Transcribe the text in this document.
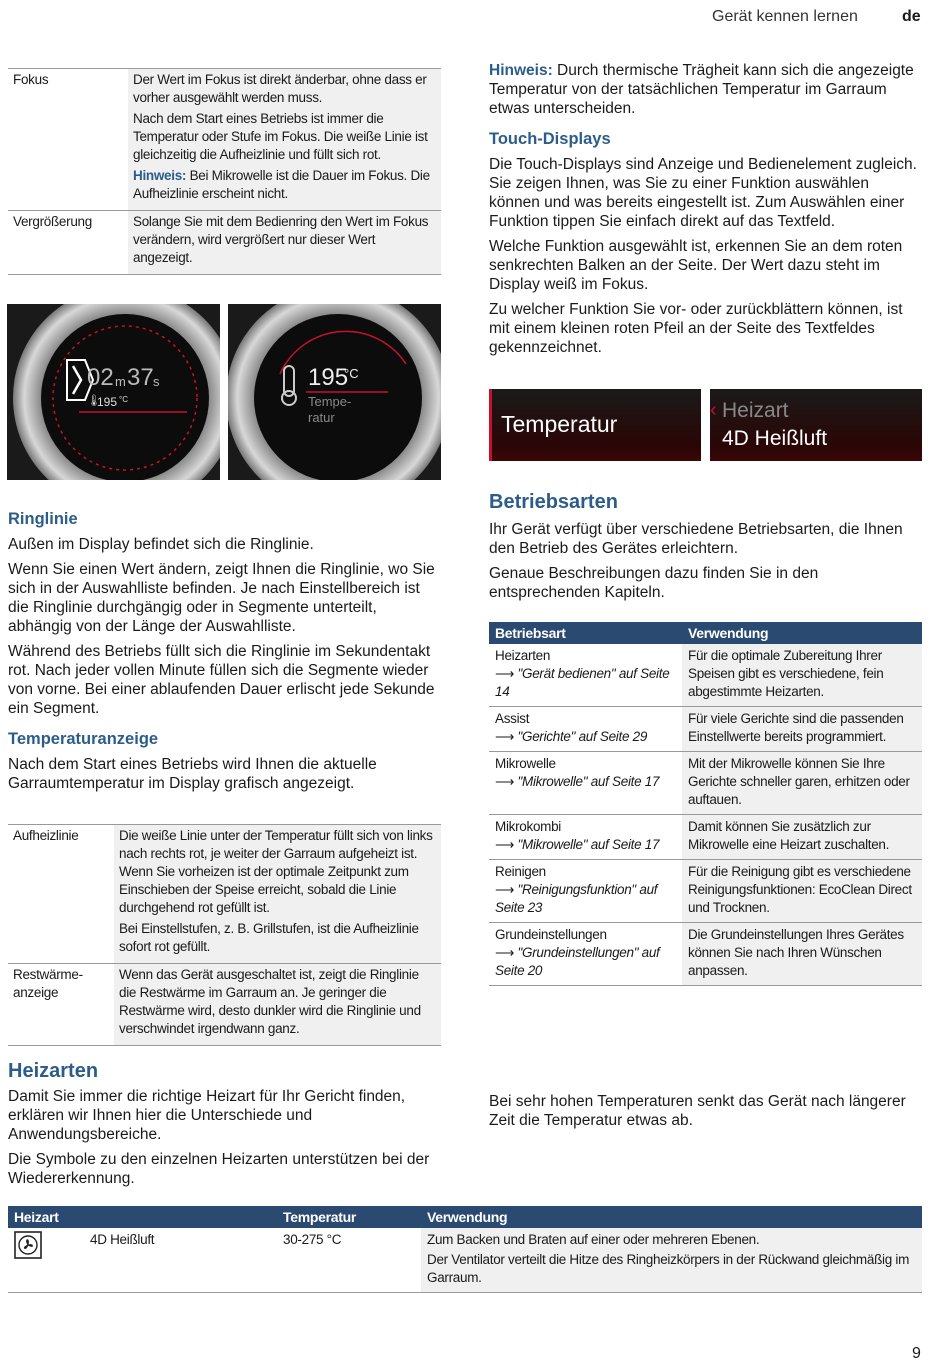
Gerät kennen lernen	de
Fokus	Der Wert im Fokus ist direkt änderbar, ohne dass er vorher ausgewählt werden muss.

Nach dem Start eines Betriebs ist immer die Temperatur oder Stufe im Fokus. Die weiße Linie ist gleichzeitig die Aufheizlinie und füllt sich rot.

Hinweis: Bei Mikrowelle ist die Dauer im Fokus. Die Aufheizlinie erscheint nicht.

Vergrößerung	Solange Sie mit dem Bedienring den Wert im Fokus verändern, wird vergrößert nur dieser Wert angezeigt.

02 m 37 s
🌡
195 °C
195
°C
Tempe-
ratur
Ringlinie

Außen im Display befindet sich die Ringlinie.

Wenn Sie einen Wert ändern, zeigt Ihnen die Ringlinie, wo Sie sich in der Auswahlliste befinden. Je nach Einstellbereich ist die Ringlinie durchgängig oder in Segmente unterteilt, abhängig von der Länge der Auswahlliste.

Während des Betriebs füllt sich die Ringlinie im Sekundentakt rot. Nach jeder vollen Minute füllen sich die Segmente wieder von vorne. Bei einer ablaufenden Dauer erlischt jede Sekunde ein Segment.

Temperaturanzeige

Nach dem Start eines Betriebs wird Ihnen die aktuelle Garraumtemperatur im Display grafisch angezeigt.

Aufheizlinie	Die weiße Linie unter der Temperatur füllt sich von links nach rechts rot, je weiter der Garraum aufgeheizt ist. Wenn Sie vorheizen ist der optimale Zeitpunkt zum Einschieben der Speise erreicht, sobald die Linie durchgehend rot gefüllt ist.

Bei Einstellstufen, z. B. Grillstufen, ist die Aufheizlinie sofort rot gefüllt.

Restwärme-
anzeige	Wenn das Gerät ausgeschaltet ist, zeigt die Ringlinie die Restwärme im Garraum an. Je geringer die Restwärme wird, desto dunkler wird die Ringlinie und verschwindet irgendwann ganz.

Hinweis: Durch thermische Trägheit kann sich die angezeigte Temperatur von der tatsächlichen Temperatur im Garraum etwas unterscheiden.

Touch-Displays

Die Touch-Displays sind Anzeige und Bedienelement zugleich. Sie zeigen Ihnen, was Sie zu einer Funktion auswählen können und was bereits eingestellt ist. Zum Auswählen einer Funktion tippen Sie einfach direkt auf das Textfeld.

Welche Funktion ausgewählt ist, erkennen Sie an dem roten senkrechten Balken an der Seite. Der Wert dazu steht im Display weiß im Fokus.

Zu welcher Funktion Sie vor- oder zurückblättern können, ist mit einem kleinen roten Pfeil an der Seite des Textfeldes gekennzeichnet.

Temperatur
‹ Heizart
4D Heißluft
Betriebsarten

Ihr Gerät verfügt über verschiedene Betriebsarten, die Ihnen den Betrieb des Gerätes erleichtern.

Genaue Beschreibungen dazu finden Sie in den entsprechenden Kapiteln.

Betriebsart	Verwendung

Heizarten
⟶ "Gerät bedienen" auf Seite 14	Für die optimale Zubereitung Ihrer Speisen gibt es verschiedene, fein abgestimmte Heizarten.

Assist
⟶ "Gerichte" auf Seite 29	Für viele Gerichte sind die passenden Einstellwerte bereits programmiert.

Mikrowelle
⟶ "Mikrowelle" auf Seite 17	Mit der Mikrowelle können Sie Ihre Gerichte schneller garen, erhitzen oder auftauen.

Mikrokombi
⟶ "Mikrowelle" auf Seite 17	Damit können Sie zusätzlich zur Mikrowelle eine Heizart zuschalten.

Reinigen
⟶ "Reinigungsfunktion" auf Seite 23	Für die Reinigung gibt es verschiedene Reinigungsfunktionen: EcoClean Direct und Trocknen.

Grundeinstellungen
⟶ "Grundeinstellungen" auf Seite 20	Die Grundeinstellungen Ihres Gerätes können Sie nach Ihren Wünschen anpassen.
Heizarten

Damit Sie immer die richtige Heizart für Ihr Gericht finden, erklären wir Ihnen hier die Unterschiede und Anwendungsbereiche.

Die Symbole zu den einzelnen Heizarten unterstützen bei der Wiedererkennung.

Bei sehr hohen Temperaturen senkt das Gerät nach längerer Zeit die Temperatur etwas ab.

Heizart		Temperatur	Verwendung
	4D Heißluft	30-275 °C	Zum Backen und Braten auf einer oder mehreren Ebenen.
Der Ventilator verteilt die Hitze des Ringheizkörpers in der Rückwand gleichmäßig im Garraum.
9
